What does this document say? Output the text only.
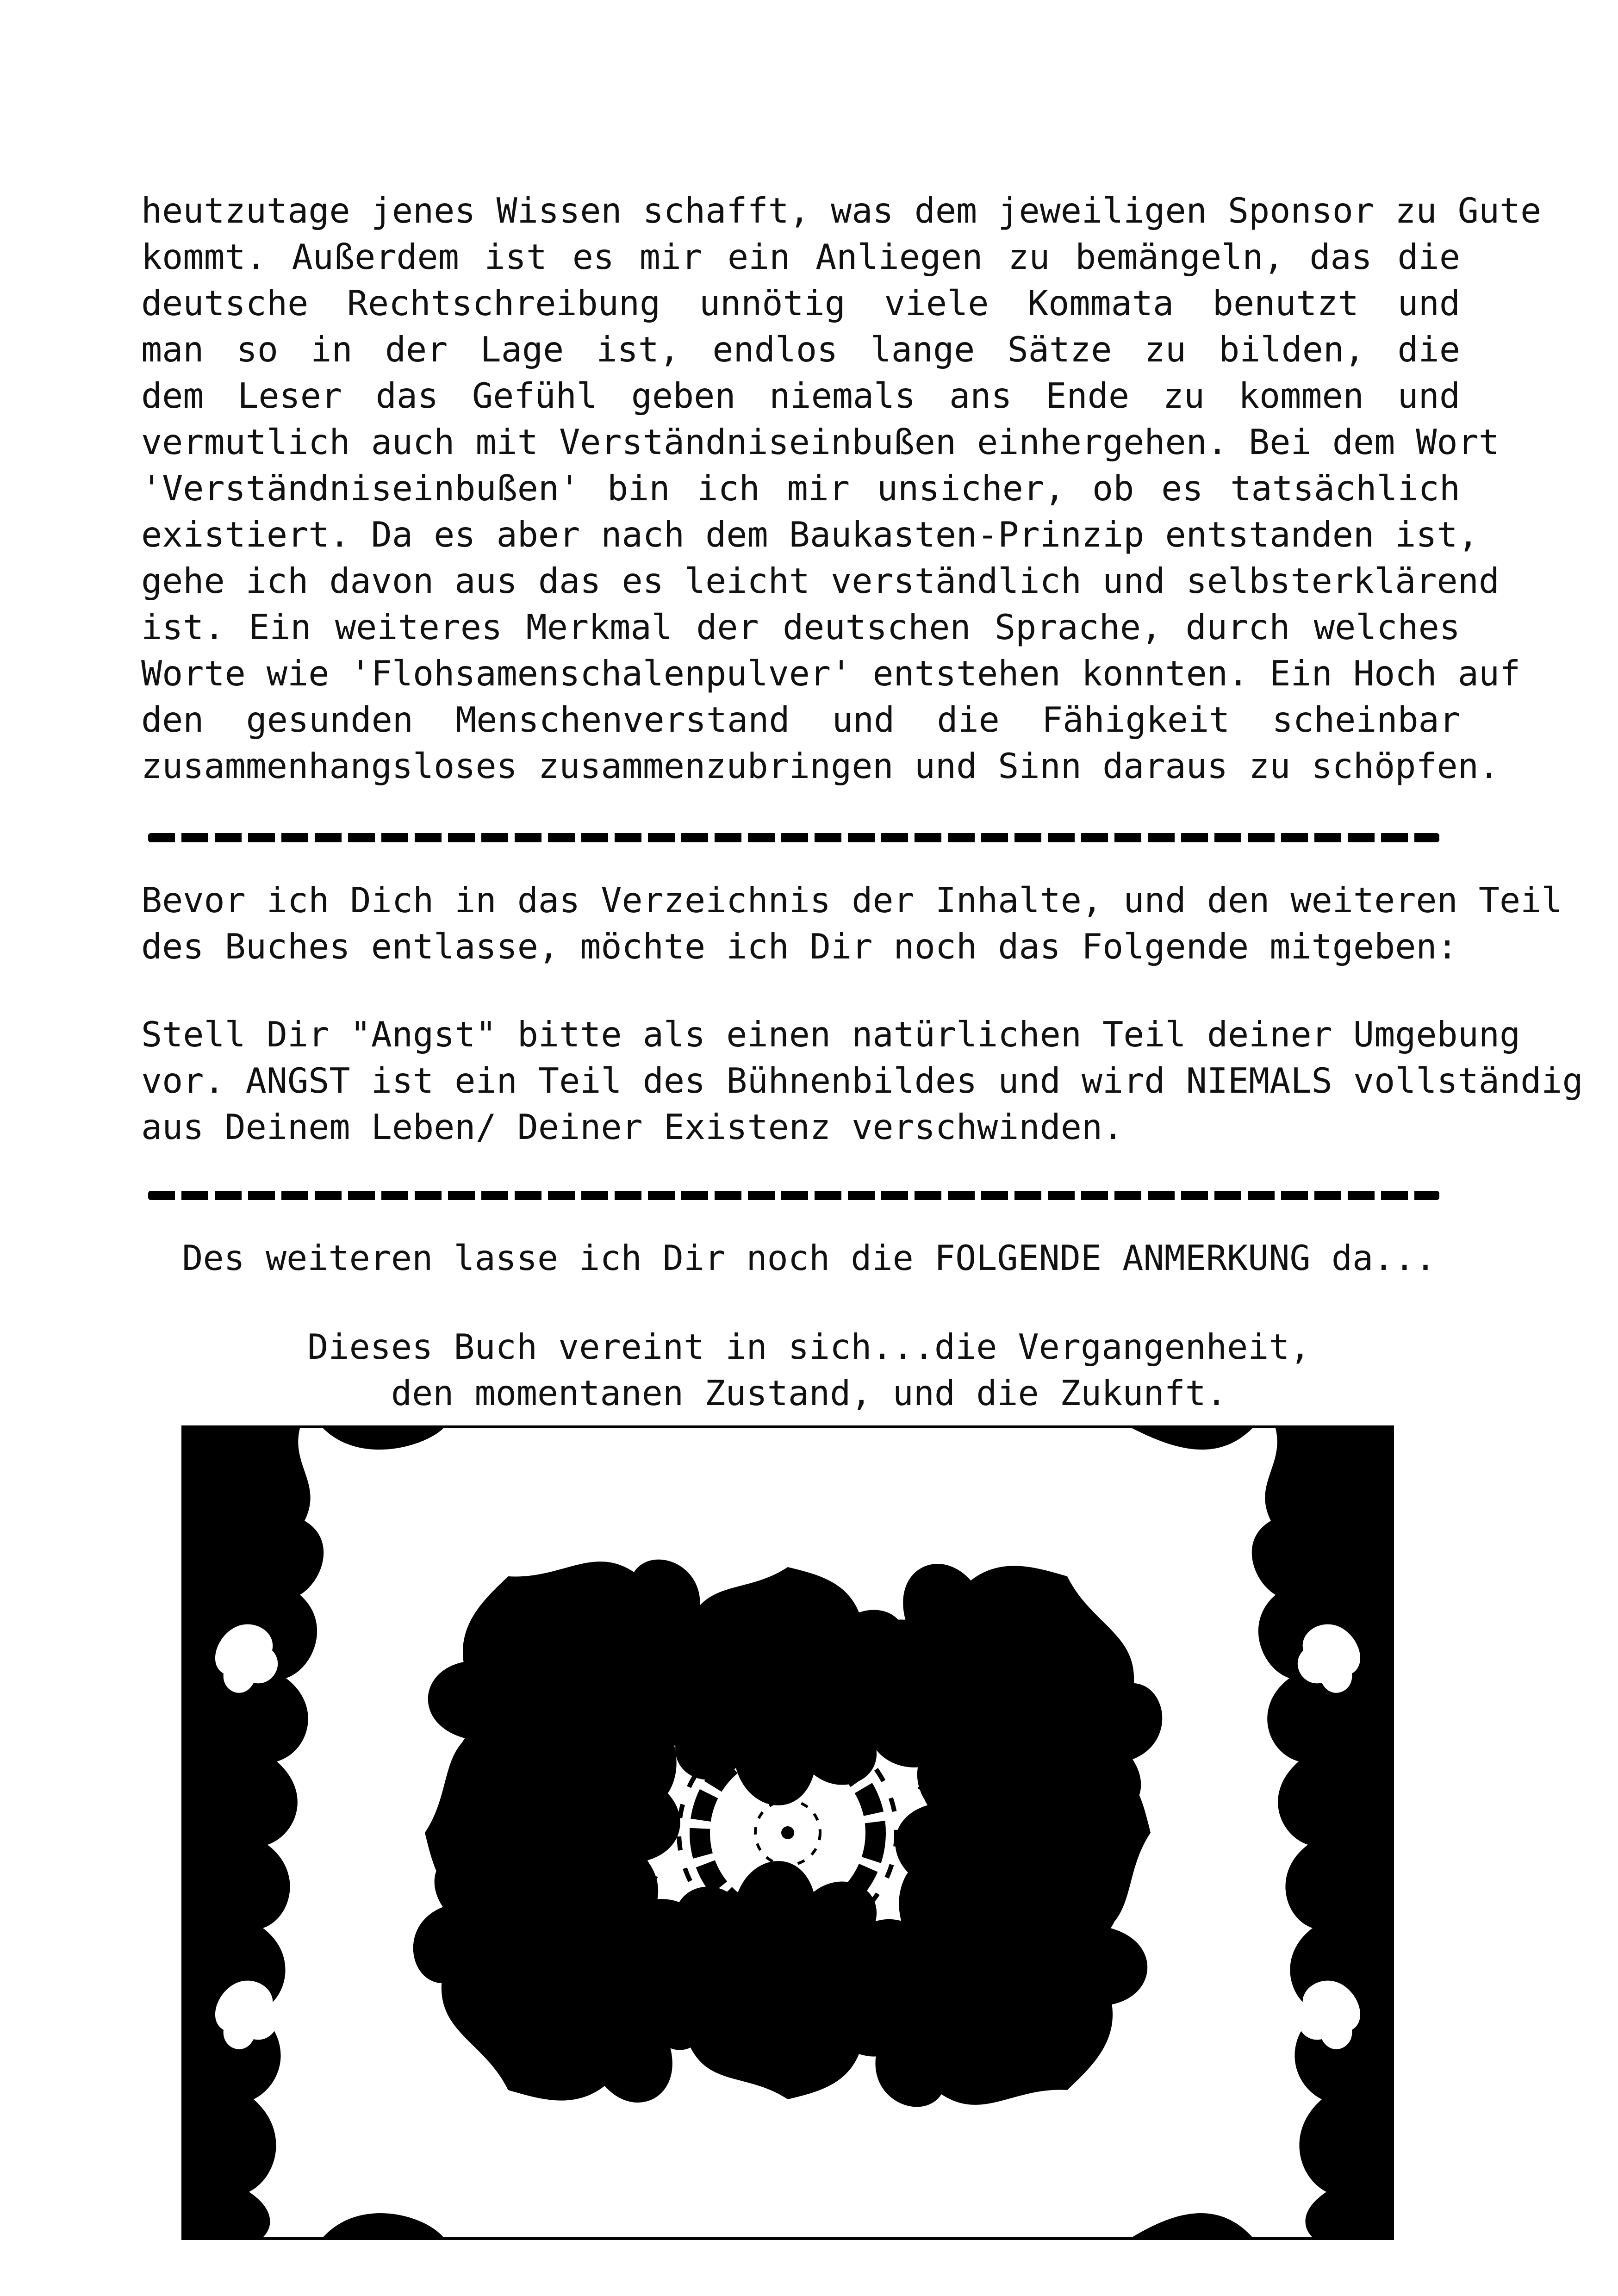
heutzutage jenes Wissen schafft, was dem jeweiligen Sponsor zu Gute
kommt. Außerdem ist es mir ein Anliegen zu bemängeln, das die
deutsche Rechtschreibung unnötig viele Kommata benutzt und
man so in der Lage ist, endlos lange Sätze zu bilden, die
dem Leser das Gefühl geben niemals ans Ende zu kommen und
vermutlich auch mit Verständniseinbußen einhergehen. Bei dem Wort
'Verständniseinbußen' bin ich mir unsicher, ob es tatsächlich
existiert. Da es aber nach dem Baukasten-Prinzip entstanden ist,
gehe ich davon aus das es leicht verständlich und selbsterklärend
ist. Ein weiteres Merkmal der deutschen Sprache, durch welches
Worte wie 'Flohsamenschalenpulver' entstehen konnten. Ein Hoch auf
den gesunden Menschenverstand und die Fähigkeit scheinbar
zusammenhangsloses zusammenzubringen und Sinn daraus zu schöpfen.
Bevor ich Dich in das Verzeichnis der Inhalte, und den weiteren Teil
des Buches entlasse, möchte ich Dir noch das Folgende mitgeben:
Stell Dir "Angst" bitte als einen natürlichen Teil deiner Umgebung
vor. ANGST ist ein Teil des Bühnenbildes und wird NIEMALS vollständig
aus Deinem Leben/ Deiner Existenz verschwinden.
Des weiteren lasse ich Dir noch die FOLGENDE ANMERKUNG da...
Dieses Buch vereint in sich...die Vergangenheit,
den momentanen Zustand, und die Zukunft.
